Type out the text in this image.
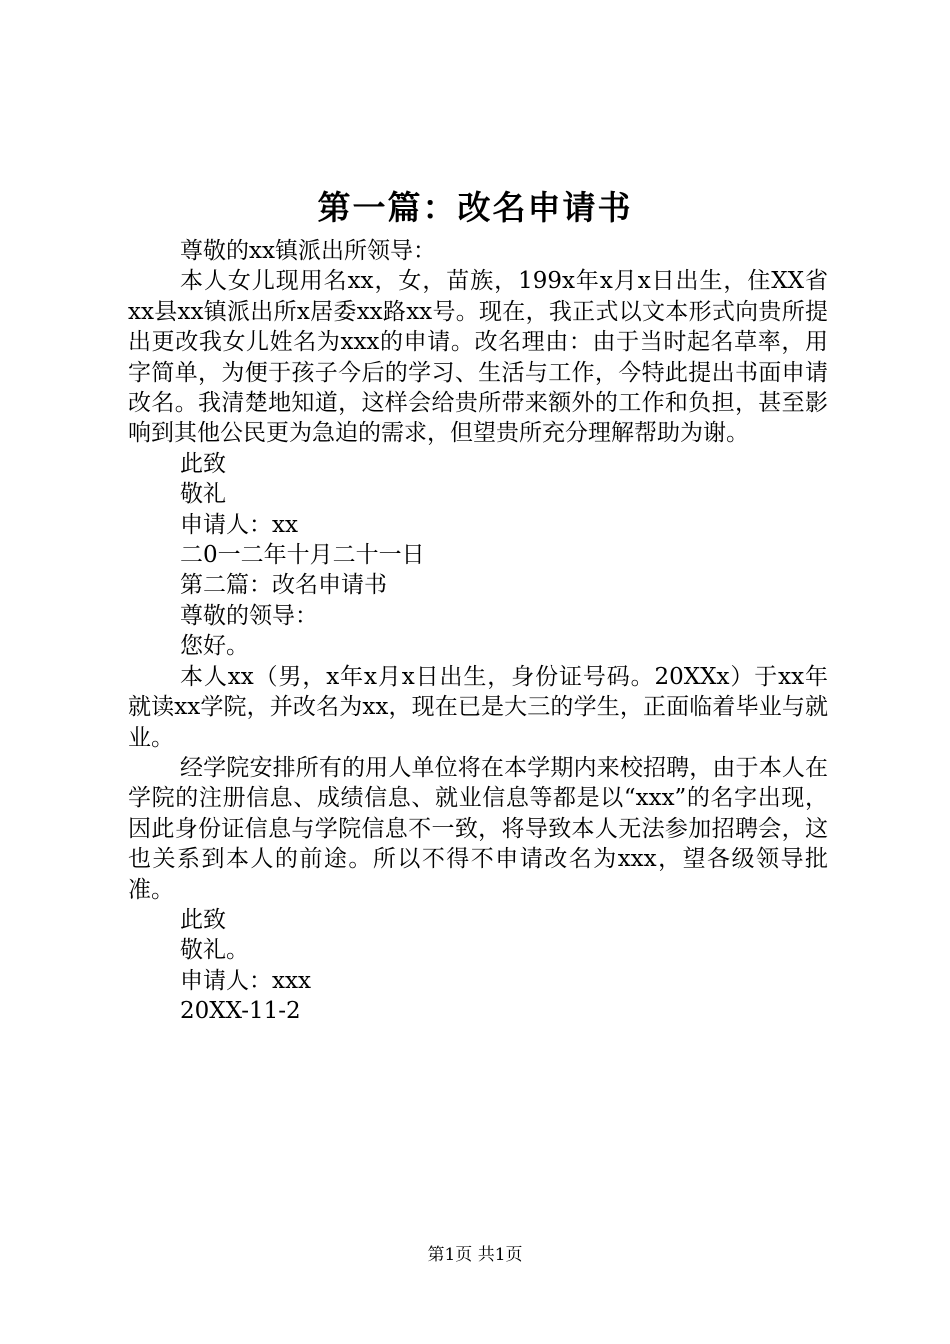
第一篇：改名申请书

尊敬的xx镇派出所领导：

本人女儿现用名xx，女，苗族，199x年x月x日出生，住XX省xx县xx镇派出所x居委xx路xx号。现在，我正式以文本形式向贵所提出更改我女儿姓名为xxx的申请。改名理由：由于当时起名草率，用字简单，为便于孩子今后的学习、生活与工作，今特此提出书面申请改名。我清楚地知道，这样会给贵所带来额外的工作和负担，甚至影响到其他公民更为急迫的需求，但望贵所充分理解帮助为谢。

此致

敬礼

申请人：xx

二0一二年十月二十一日

第二篇：改名申请书

尊敬的领导：

您好。

本人xx（男，x年x月x日出生，身份证号码。20XXx）于xx年就读xx学院，并改名为xx，现在已是大三的学生，正面临着毕业与就业。

经学院安排所有的用人单位将在本学期内来校招聘，由于本人在学院的注册信息、成绩信息、就业信息等都是以“xxx”的名字出现，因此身份证信息与学院信息不一致，将导致本人无法参加招聘会，这也关系到本人的前途。所以不得不申请改名为xxx，望各级领导批准。

此致

敬礼。

申请人：xxx

20XX-11-2

第1页 共1页
